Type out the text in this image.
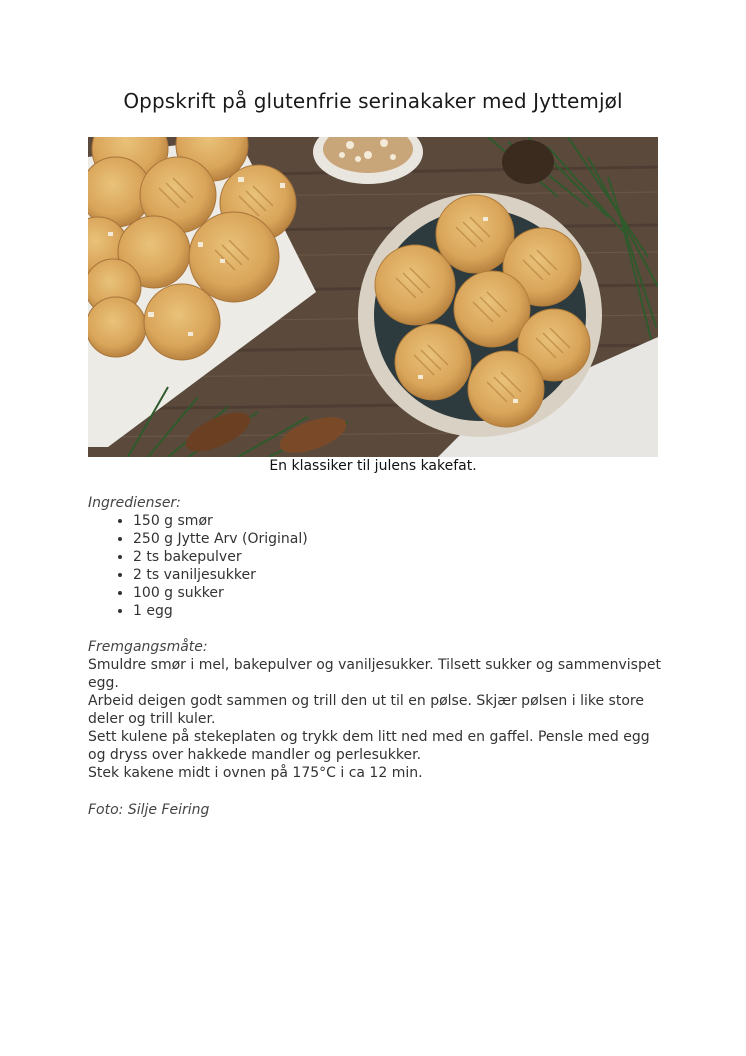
Oppskrift på glutenfrie serinakaker med Jyttemjøl
En klassiker til julens kakefat.
Ingredienser:
• 150 g smør
• 250 g Jytte Arv (Original)
• 2 ts bakepulver
• 2 ts vaniljesukker
• 100 g sukker
• 1 egg
Fremgangsmåte:

Smuldre smør i mel, bakepulver og vaniljesukker. Tilsett sukker og sammenvispet egg.

Arbeid deigen godt sammen og trill den ut til en pølse. Skjær pølsen i like store deler og trill kuler.

Sett kulene på stekeplaten og trykk dem litt ned med en gaffel. Pensle med egg og dryss over hakkede mandler og perlesukker.

Stek kakene midt i ovnen på 175°C i ca 12 min.

Foto: Silje Feiring
